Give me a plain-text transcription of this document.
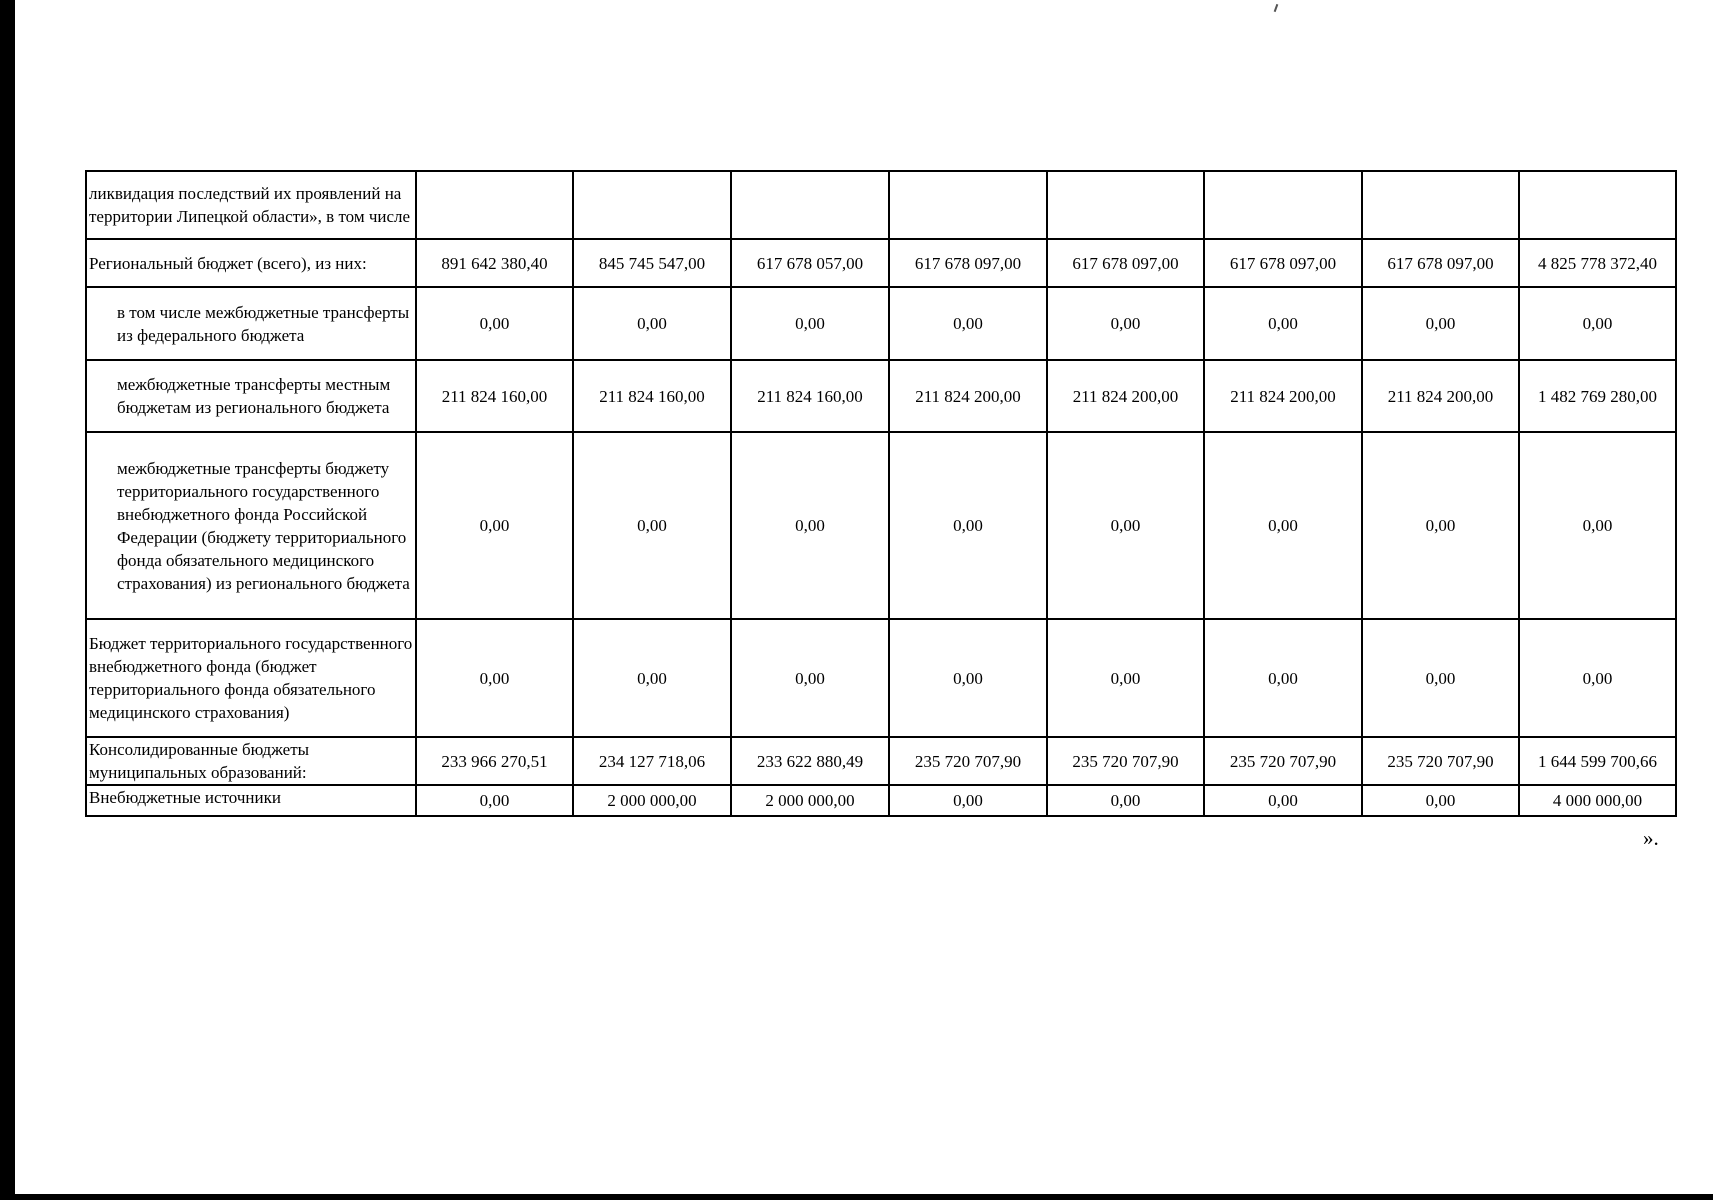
ликвидация последствий их проявлений на территории Липецкой области», в том числе								
Региональный бюджет (всего), из них:	891 642 380,40	845 745 547,00	617 678 057,00	617 678 097,00	617 678 097,00	617 678 097,00	617 678 097,00	4 825 778 372,40
в том числе межбюджетные трансферты из федерального бюджета	0,00	0,00	0,00	0,00	0,00	0,00	0,00	0,00
межбюджетные трансферты местным бюджетам из регионального бюджета	211 824 160,00	211 824 160,00	211 824 160,00	211 824 200,00	211 824 200,00	211 824 200,00	211 824 200,00	1 482 769 280,00
межбюджетные трансферты бюджету территориального государственного внебюджетного фонда Российской Федерации (бюджету территориального фонда обязательного медицинского страхования) из регионального бюджета	0,00	0,00	0,00	0,00	0,00	0,00	0,00	0,00
Бюджет территориального государственного внебюджетного фонда (бюджет территориального фонда обязательного медицинского страхования)	0,00	0,00	0,00	0,00	0,00	0,00	0,00	0,00
Консолидированные бюджеты муниципальных образований:	233 966 270,51	234 127 718,06	233 622 880,49	235 720 707,90	235 720 707,90	235 720 707,90	235 720 707,90	1 644 599 700,66
Внебюджетные источники	0,00	2 000 000,00	2 000 000,00	0,00	0,00	0,00	0,00	4 000 000,00
».
